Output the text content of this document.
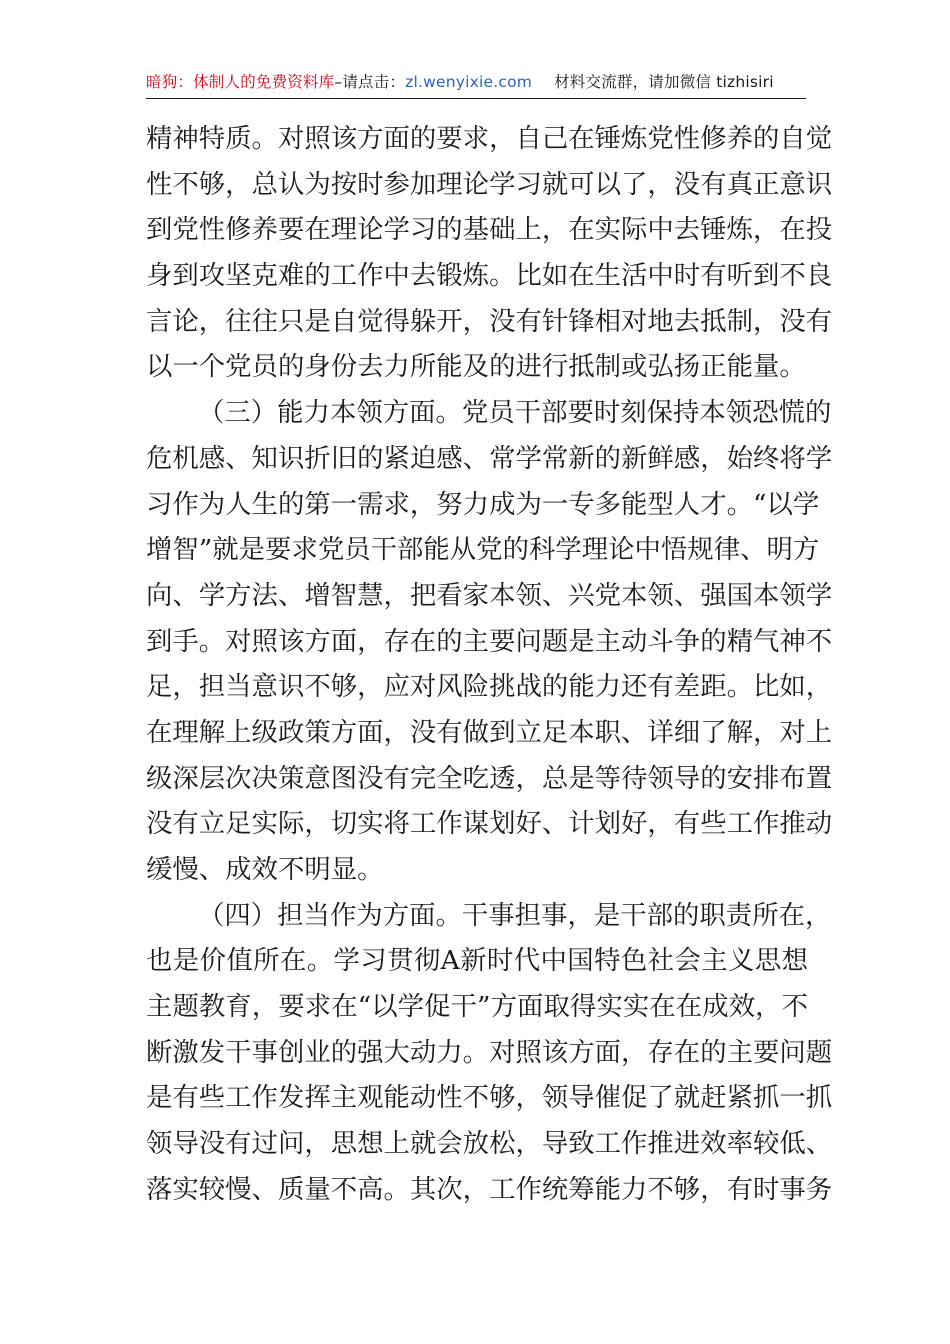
暗狗：体制人的免费资料库–请点击：zl.wenyixie.com 材料交流群，请加微信 tizhisiri
精神特质。对照该方面的要求，自己在锤炼党性修养的自觉
性不够，总认为按时参加理论学习就可以了，没有真正意识
到党性修养要在理论学习的基础上，在实际中去锤炼，在投
身到攻坚克难的工作中去锻炼。比如在生活中时有听到不良
言论，往往只是自觉得躲开，没有针锋相对地去抵制，没有
以一个党员的身份去力所能及的进行抵制或弘扬正能量。
（三）能力本领方面。党员干部要时刻保持本领恐慌的
危机感、知识折旧的紧迫感、常学常新的新鲜感，始终将学
习作为人生的第一需求，努力成为一专多能型人才。“以学
增智”就是要求党员干部能从党的科学理论中悟规律、明方
向、学方法、增智慧，把看家本领、兴党本领、强国本领学
到手。对照该方面，存在的主要问题是主动斗争的精气神不
足，担当意识不够，应对风险挑战的能力还有差距。比如，
在理解上级政策方面，没有做到立足本职、详细了解，对上
级深层次决策意图没有完全吃透，总是等待领导的安排布置
没有立足实际，切实将工作谋划好、计划好，有些工作推动
缓慢、成效不明显。
（四）担当作为方面。干事担事，是干部的职责所在，
也是价值所在。学习贯彻A新时代中国特色社会主义思想
主题教育，要求在“以学促干”方面取得实实在在成效，不
断激发干事创业的强大动力。对照该方面，存在的主要问题
是有些工作发挥主观能动性不够，领导催促了就赶紧抓一抓
领导没有过问，思想上就会放松，导致工作推进效率较低、
落实较慢、质量不高。其次，工作统筹能力不够，有时事务
